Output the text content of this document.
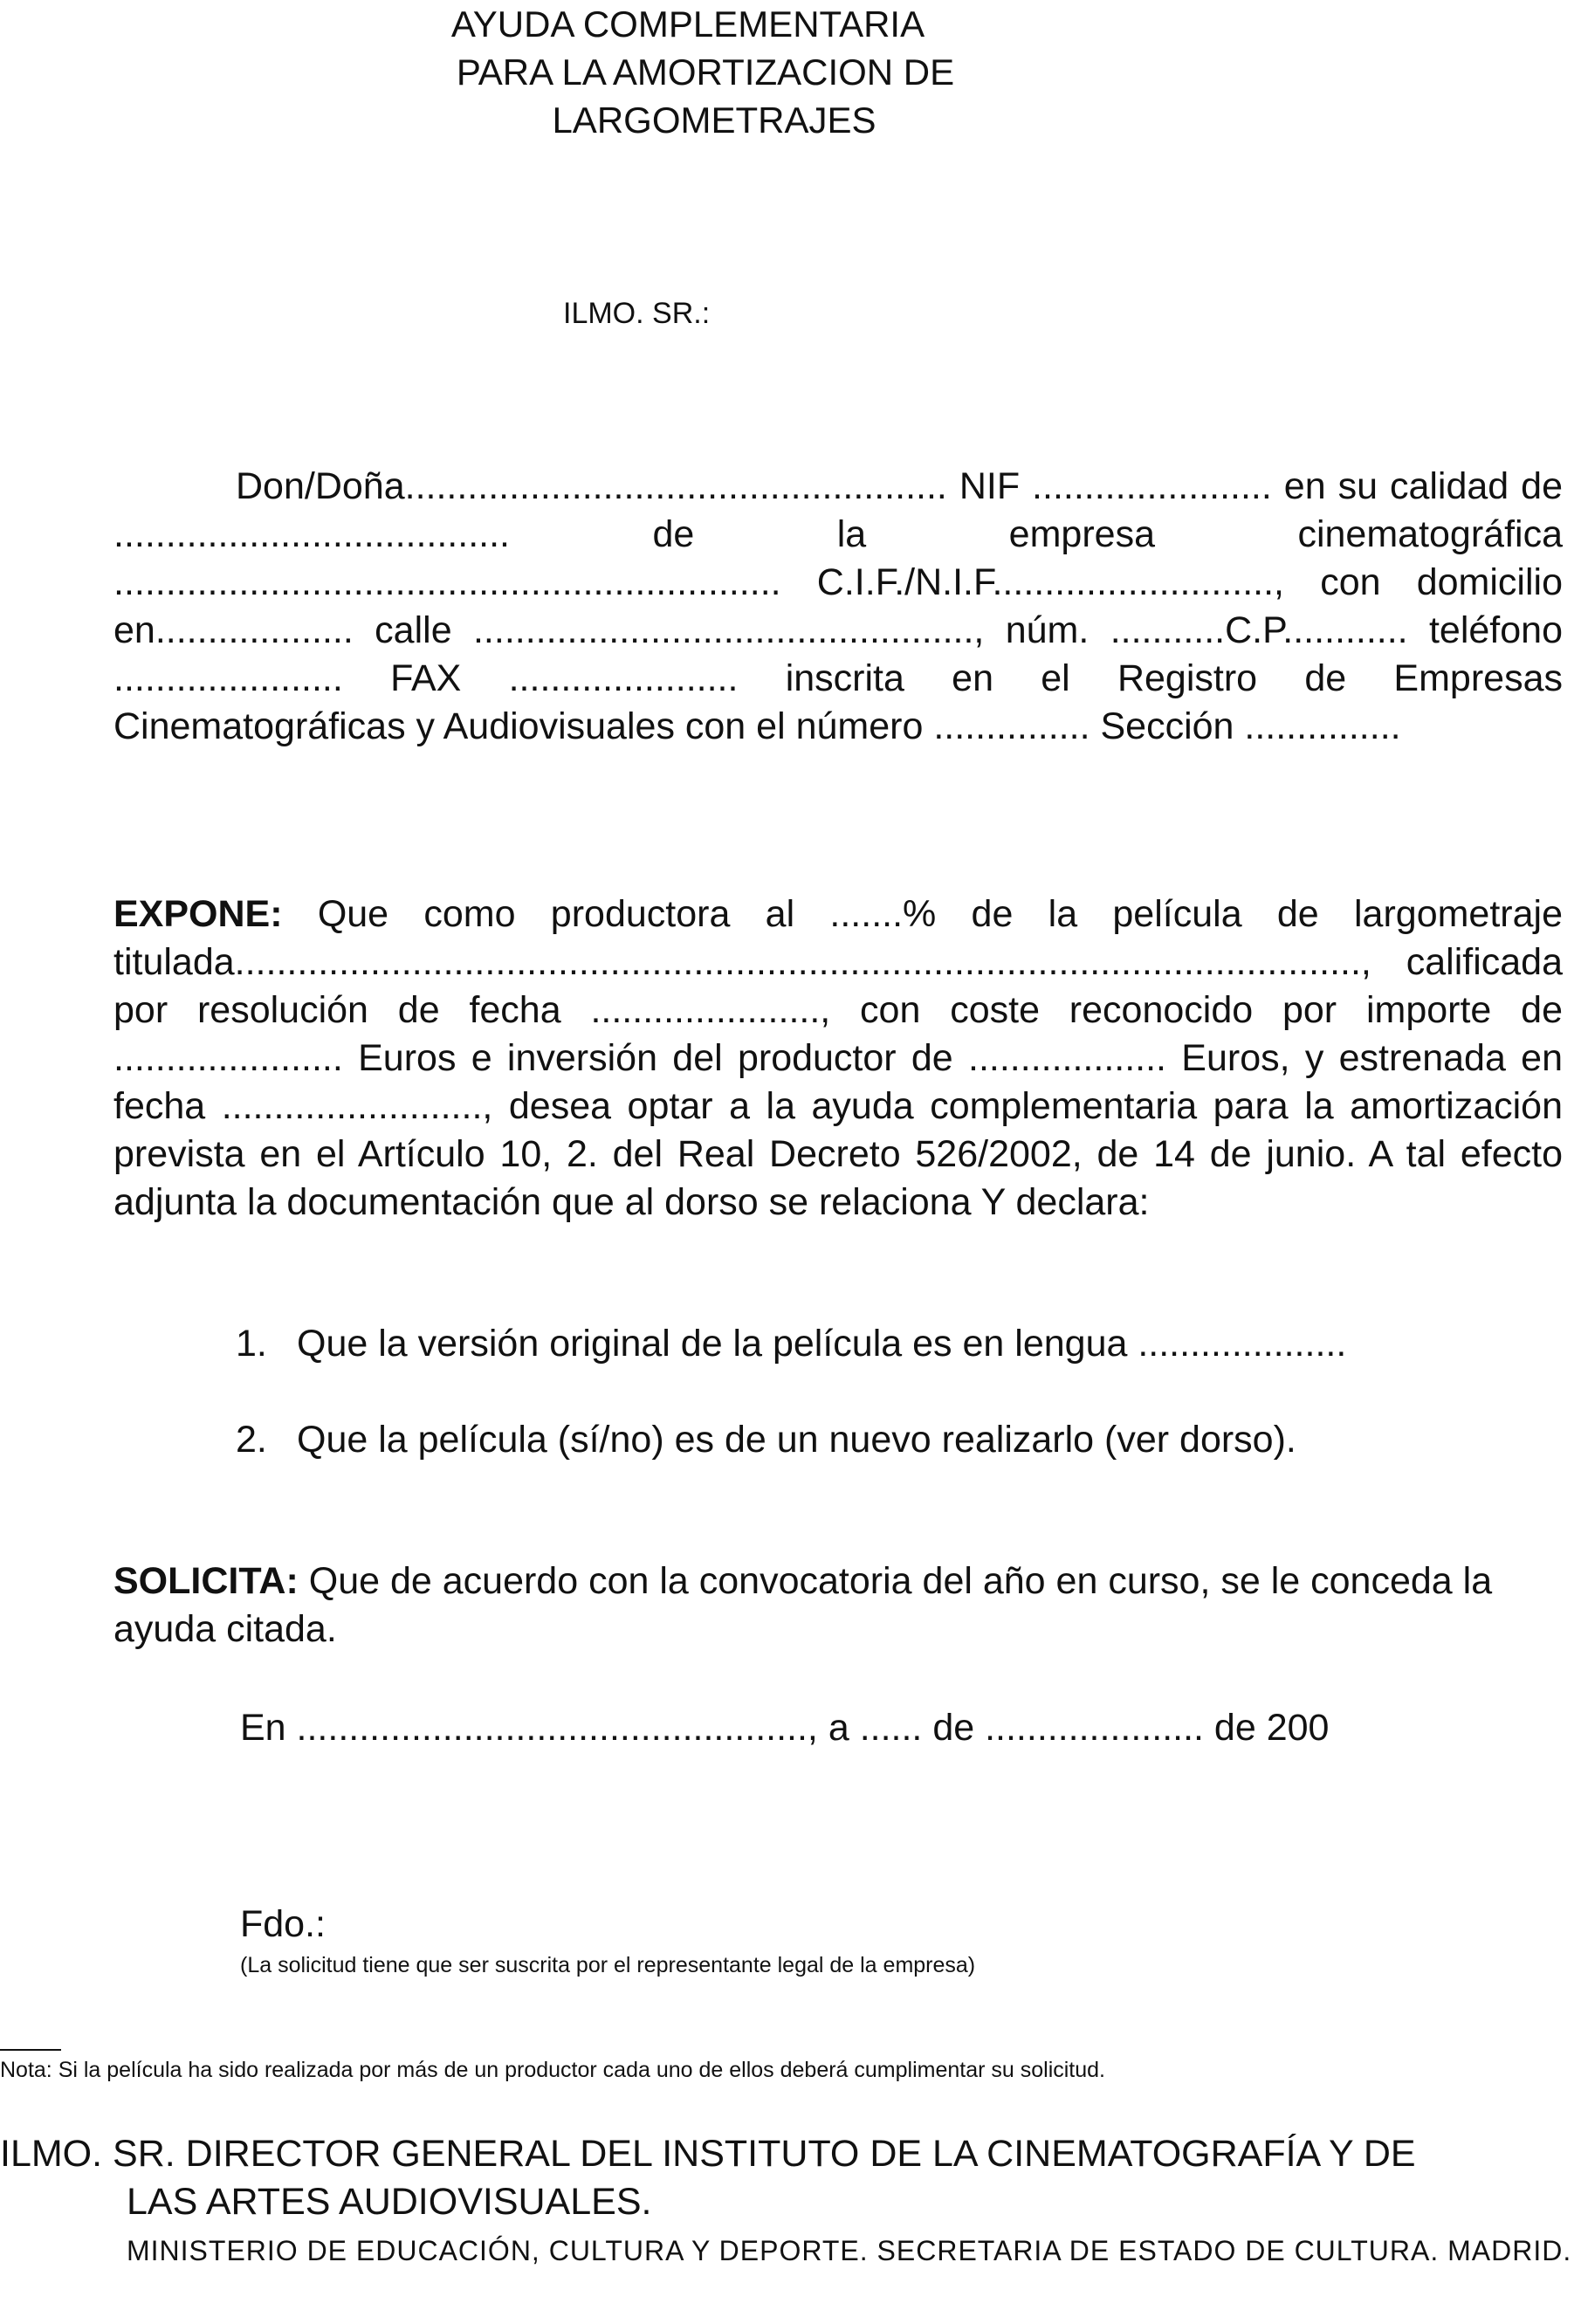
AYUDA COMPLEMENTARIA
PARA LA AMORTIZACION DE
LARGOMETRAJES
ILMO. SR.:
Don/Doña.................................................... NIF ....................... en su calidad de ...................................... de la empresa cinematográfica ................................................................ C.I.F./N.I.F..........................., con domicilio en................... calle ................................................, núm. ...........C.P............ teléfono ...................... FAX ...................... inscrita en el Registro de Empresas Cinematográficas y Audiovisuales con el número ............... Sección ...............
EXPONE: Que como productora al .......% de la película de largometraje titulada............................................................................................................, calificada por resolución de fecha ......................, con coste reconocido por importe de ...................... Euros e inversión del productor de ................... Euros, y estrenada en fecha ........................., desea optar a la ayuda complementaria para la amortización prevista en el Artículo 10, 2. del Real Decreto 526/2002, de 14 de junio. A tal efecto adjunta la documentación que al dorso se relaciona Y declara:
1. Que la versión original de la película es en lengua ....................
2. Que la película (sí/no) es de un nuevo realizarlo (ver dorso).
SOLICITA: Que de acuerdo con la convocatoria del año en curso, se le conceda la ayuda citada.
En ................................................., a ...... de ..................... de 200
Fdo.:
(La solicitud tiene que ser suscrita por el representante legal de la empresa)
Nota: Si la película ha sido realizada por más de un productor cada uno de ellos deberá cumplimentar su solicitud.
ILMO. SR. DIRECTOR GENERAL DEL INSTITUTO DE LA CINEMATOGRAFÍA Y DE
LAS ARTES AUDIOVISUALES.
MINISTERIO DE EDUCACIÓN, CULTURA Y DEPORTE. SECRETARIA DE ESTADO DE CULTURA. MADRID.
